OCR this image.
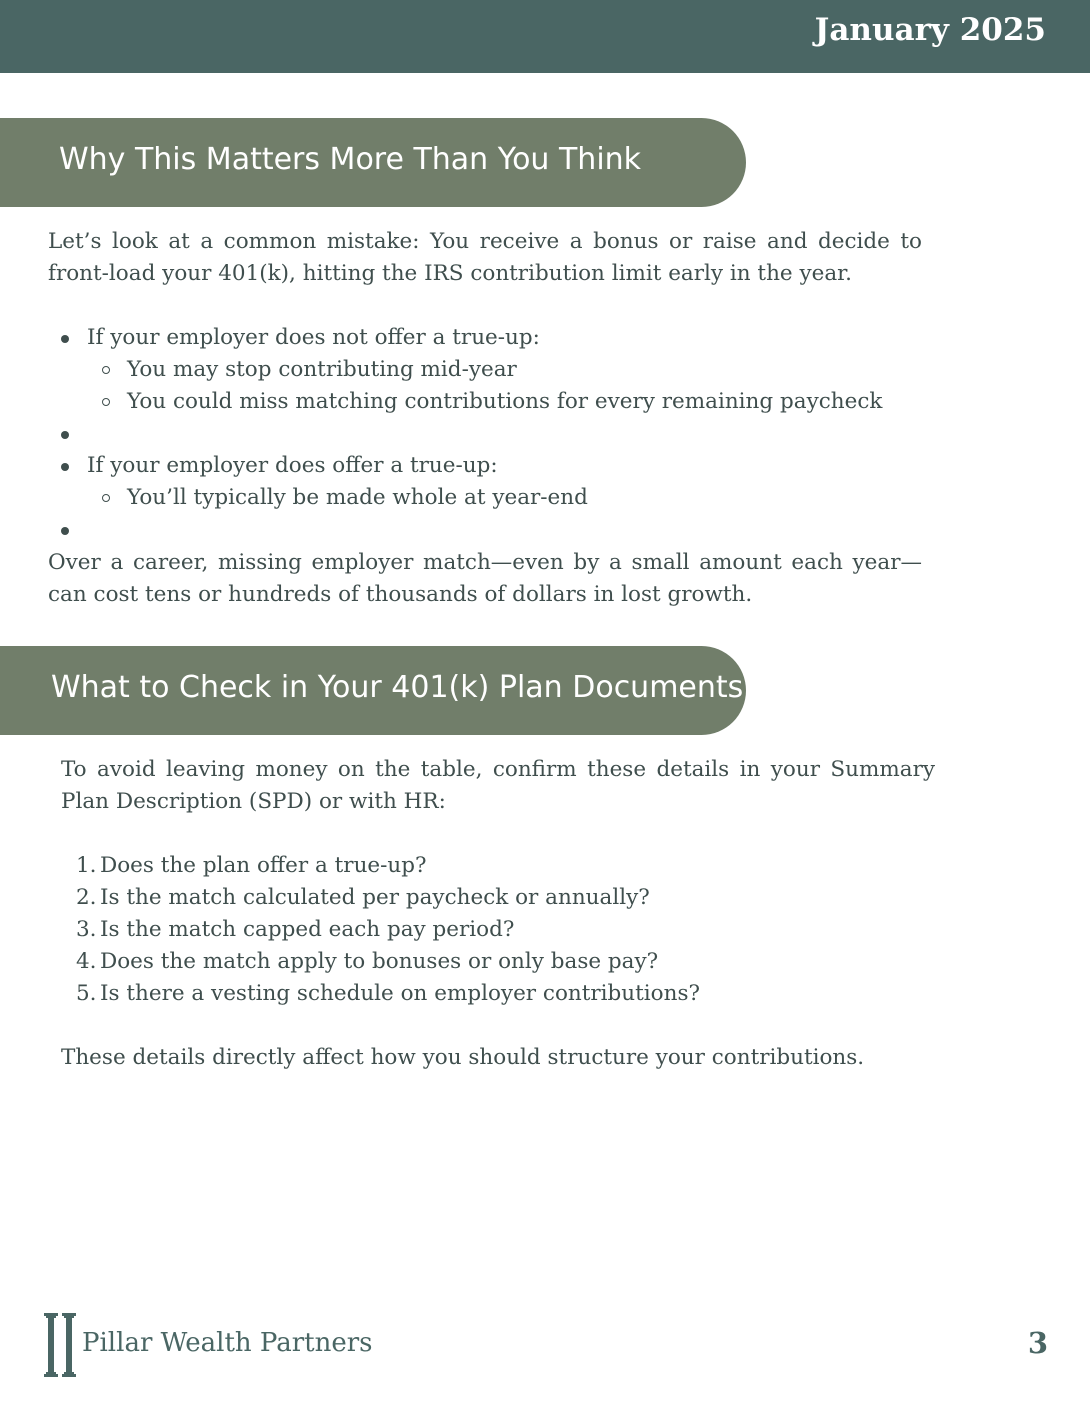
January 2025
Why This Matters More Than You Think

Let’s look at a common mistake: You receive a bonus or raise and decide to front-load your 401(k), hitting the IRS contribution limit early in the year.

If your employer does not offer a true-up:
You may stop contributing mid-year
You could miss matching contributions for every remaining paycheck
If your employer does offer a true-up:
You’ll typically be made whole at year-end

Over a career, missing employer match—even by a small amount each year—can cost tens or hundreds of thousands of dollars in lost growth.

What to Check in Your 401(k) Plan Documents

To avoid leaving money on the table, confirm these details in your Summary Plan Description (SPD) or with HR:

1. Does the plan offer a true-up?
2. Is the match calculated per paycheck or annually?
3. Is the match capped each pay period?
4. Does the match apply to bonuses or only base pay?
5. Is there a vesting schedule on employer contributions?

These details directly affect how you should structure your contributions.

Pillar Wealth Partners	3
